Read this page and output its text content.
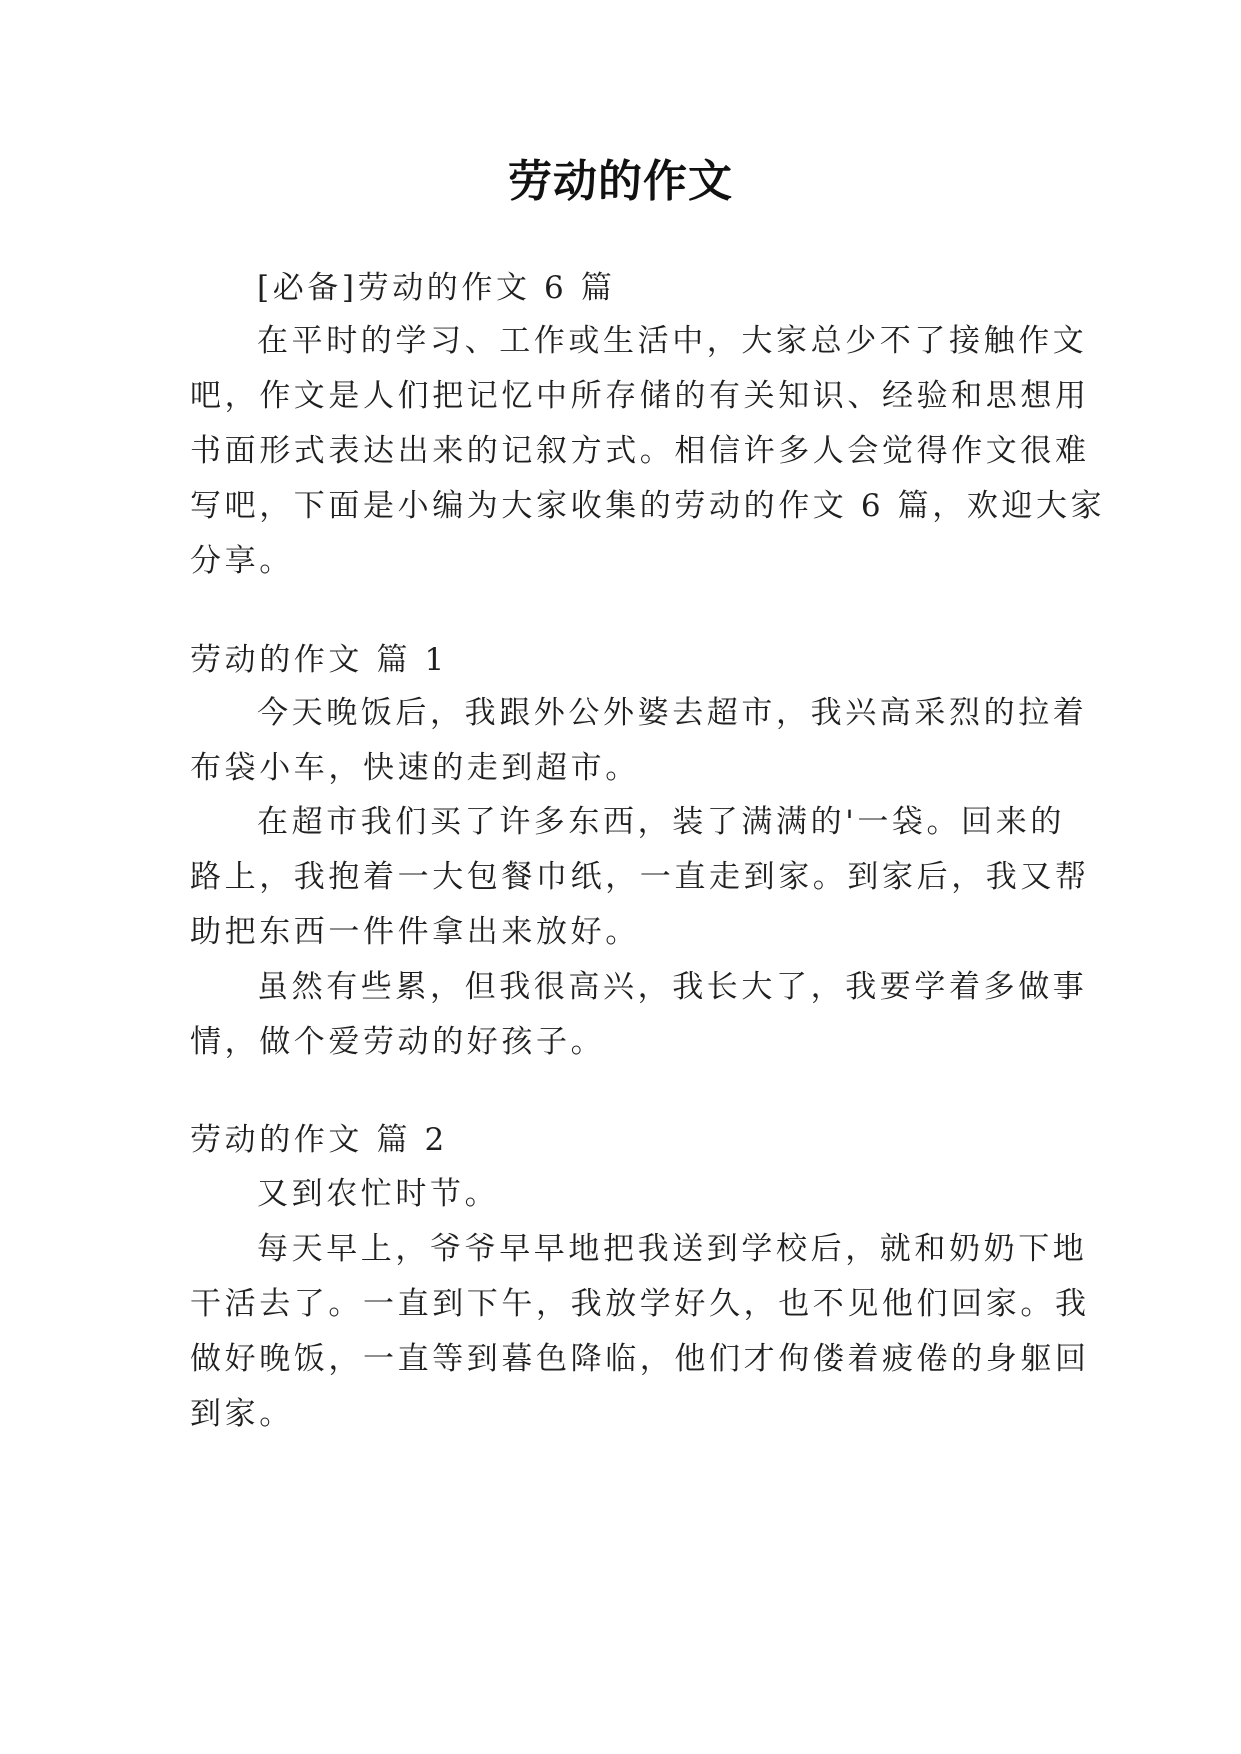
劳动的作文
[必备]劳动的作文 6 篇
在平时的学习、工作或生活中，大家总少不了接触作文
吧，作文是人们把记忆中所存储的有关知识、经验和思想用
书面形式表达出来的记叙方式。相信许多人会觉得作文很难
写吧，下面是小编为大家收集的劳动的作文 6 篇，欢迎大家
分享。
劳动的作文 篇 1
今天晚饭后，我跟外公外婆去超市，我兴高采烈的拉着
布袋小车，快速的走到超市。
在超市我们买了许多东西，装了满满的'一袋。回来的
路上，我抱着一大包餐巾纸，一直走到家。到家后，我又帮
助把东西一件件拿出来放好。
虽然有些累，但我很高兴，我长大了，我要学着多做事
情，做个爱劳动的好孩子。
劳动的作文 篇 2
又到农忙时节。
每天早上，爷爷早早地把我送到学校后，就和奶奶下地
干活去了。一直到下午，我放学好久，也不见他们回家。我
做好晚饭，一直等到暮色降临，他们才佝偻着疲倦的身躯回
到家。
